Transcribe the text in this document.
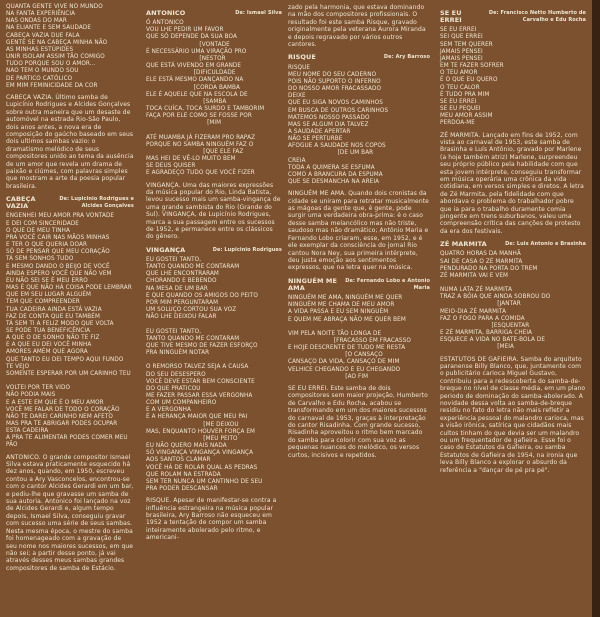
QUANTA GENTE VIVE NO MUNDO
NA FANTA EXPERIÊNCIA
NAS ONDAS DO MAR
NA ELIANTE E SEM SAUDADE
CABEÇA VAZIA DUE FALA
GENTE SE NA CABEÇA MINHA NÃO
AS MINHAS ESTÚPIDES
UNIR ISOLAM ASSIM TÃO COMIGO
TUDO PORQUE SOU O AMOR...
NAO TEM O MUNDO SOU
DE PARTICO CATÓLICO
EM MIM FEMINICIDADE DA COR
CABEÇA VAZIA. Último samba de Lupicínio Rodrigues e Alcides Gonçalves sobre outra maneira que um desaste de automóvel na estrada Rio-São Paulo, dois anos antes, a nova era de composição do gaúcho baseado em seus dois ultimos sambas vazio: o dramatismo melódico de seus compositores unido ao tema da ausência de um amor que revela um drama de paixão e ciúmes, com palavras simples que mostram a arte da poesia popular brasileira.
CABEÇA VAZIA
De: Lupicinio Rodrigues e Alcides Gonçalves
ENGENHEI MEU AMOR PRA VONTADE
E DEI COM SINCERIDADE
O QUE DE MEU TINHA
PRA VOCÊ CAIR NAS MÃOS MINHAS
E TER O QUE QUERIA DOAR
SÓ DE PENSAR QUE MEU CORAÇÃO
TÁ SEM SONHOS TUDO
E MESMO DANDO O BEIJO DE VOCÊ
AINDA ESPERO VOCÊ QUE NÃO VEM
EU NÃO SEI SE É MEU ERRO
MAS É QUE NÃO HÁ COISA PODE LEMBRAR
QUE EM SEU LUGAR ALGUÉM
TEM QUE COMPREENDER
TUA CADEIRA AINDA ESTÁ VAZIA
FAZ DE CONTA QUE EU TAMBÉM
TÁ SEM TI A FELIZ MODO QUE VOLTA
SE PODE TUA BENEFICÊNCIA
A QUE O DE SONHO NÃO TE FIZ
E A QUE EU DEI VOCÊ MINHA
AMORES AMÉM QUE AGORA
QUE TANTO EU DEI TEMPO AQUI FUNDO
TE VEJO
SOMENTE ESPERAR POR UM CARINHO TEU

VOLTEI POR TER VIDO
NÃO PODIA MAIS
E A ESTE EM QUE É O MEU AMOR
VOCÊ ME FALAR DE TODO O CORAÇÃO
NÃO TE DAREI CARINHO NEM AFETO
MAS PRA TE ABRIGAR PODES OCUPAR
ESTA CADEIRA
A PRA TE ALIMENTAR PODES COMER MEU
PÃO
ANTONICO. O grande compositor Ismael Silva estava praticamente esquecido há dez anos, quando, em 1950, escreveu contou a Ary Vasconcelos, encontrou-se com o cantor Alcides Gerardi em um bar, e pediu-lhe que gravasse um samba de sua autoria. Antonico foi lançado na voz de Alcides Gerardi e, algum tempo depois, Ismael Silva, conseguiu gravar com sucesso uma série de seus sambas. Nesta mesma época, o mestre do samba foi homenageado com a gravação de seu nome nos maiores sucessos, em que não sei; a partir desse ponto, já vai através desses meus sambas grandes compositores de samba de Estácio.
ANTONICO	De: Ismael Silva
Ó ANTONICO
VOU LHE PEDIR UM FAVOR
QUE SÓ DEPENDE DA SUA BOA
[VONTADE
É NECESSÁRIO UMA VIRAÇÃO PRO
[NESTOR
QUE ESTÁ VIVENDO EM GRANDE
[DIFICULDADE
ELE ESTÁ MESMO DANÇANDO NA
[CORDA BAMBA
ELE É AQUELE QUE NA ESCOLA DE
[SAMBA
TOCA CUÍCA, TOCA SURDO E TAMBORIM
FAÇA POR ELE COMO SE FOSSE POR
[MIM

ATÉ MUAMBA JÁ FIZERAM PRO RAPAZ
PORQUE NO SAMBA NINGUÉM FAZ O
[QUE ELE FAZ
MAS HEI DE VÊ-LO MUITO BEM
SE DEUS QUISER
E AGRADEÇO TUDO QUE VOCÊ FIZER
VINGANÇA. Uma das maiores expressões da música popular do Rio, Linda Batista, levou sucesso mais um samba-vingança de uma grande sambista do Rio (Grande do Sul). VINGANÇA, de Lupicínio Rodrigues, marca a sua passagem entre os sucessos de 1952, e permanece entre os clássicos do gênero.
VINGANÇA	De: Lupicinio Rodrigues
EU GOSTEI TANTO,
TANTO QUANDO ME CONTARAM
QUE LHE ENCONTRARAM
CHORANDO E BEBENDO
NA MESA DE UM BAR
E QUE QUANDO OS AMIGOS DO PEITO
POR MIM PERGUNTARAM
UM SOLUÇO CORTOU SUA VOZ
NÃO LHE DEIXOU FALAR

EU GOSTEI TANTO,
TANTO QUANDO ME CONTARAM
QUE TIVE MESMO DE FAZER ESFORÇO
PRA NINGUÉM NOTAR

O REMORSO TALVEZ SEJA A CAUSA
DO SEU DESESPERO
VOCÊ DEVE ESTAR BEM CONSCIENTE
DO QUE PRATICOU
ME FAZER PASSAR ESSA VERGONHA
COM UM COMPANHEIRO
E A VERGONHA
É A HERANÇA MAIOR QUE MEU PAI
[ME DEIXOU
MAS, ENQUANTO HOUVER FORÇA EM
[MEU PEITO
EU NÃO QUERO MAIS NADA
SÓ VINGANÇA VINGANÇA VINGANÇA
AOS SANTOS CLAMAR
VOCÊ HÁ DE ROLAR QUAL AS PEDRAS
QUE ROLAM NA ESTRADA
SEM TER NUNCA UM CANTINHO DE SEU
PRA PODER DESCANSAR
RISQUE. Apesar de manifestar-se contra a influência estrangeira na música popular brasileira, Ary Barroso não esqueceu em 1952 a tentação de compor um samba inteiramente abolerado pelo ritmo, e americani-
zado pela harmonia, que estava dominando na mão dos compositores profissionais. O resultado foi este samba Risque, gravado originalmente pela veterana Aurora Miranda e depois regravado por vários outros cantores.
RISQUE	De: Ary Barroso
RISQUE
MEU NOME DO SEU CADERNO
POIS NÃO SUPORTO O INFERNO
DO NOSSO AMOR FRACASSADO
DEIXE
QUE EU SIGA NOVOS CAMINHOS
EM BUSCA DE OUTROS CARINHOS
MATEMOS NOSSO PASSADO
MAS SE ALGUM DIA TALVEZ
A SAUDADE APERTAR
NÃO SE PERTURBE
AFOGUE A SAUDADE NOS COPOS
[DE UM BAR
CREIA
TODA A QUIMERA SE ESFUMA
COMO A BRANCURA DA ESPUMA
QUE SE DESMANCHA NA AREIA
NINGUÉM ME AMA. Quando dois cronistas da cidade se uniram para retratar musicalmente as mágoas da gente que, é gente, pode surgir uma verdadeira obra-prima: é o caso desse samba melancólico mas não triste, saudoso mas não dramático; Antônio Maria e Fernando Lobo criaram, esse, em 1952, e é ele exemplar da consciência do jornal Rio cantou Nora Ney, sua primeira intérprete, deu justa emoção aos sentimentos expressos, que na letra quer na música.
NINGUÉM ME AMA
De: Fernando Lobo e Antonio Maria
NINGUÉM ME AMA, NINGUÉM ME QUER
NINGUÉM ME CHAMA DE MEU AMOR
A VIDA PASSA E EU SEM NINGUÉM
E QUEM ME ABRAÇA NÃO ME QUER BEM

VIM PELA NOITE TÃO LONGA DE
[FRACASSO EM FRACASSO
E HOJE DESCRENTE DE TUDO ME RESTA
[O CANSAÇO
CANSAÇO DA VIDA, CANSAÇO DE MIM
VELHICE CHEGANDO E EU CHEGANDO
[AO FIM
SE EU ERREI. Este samba de dois compositores sem maior projeção, Humberto de Carvalho e Edu Rocha, acabou se transformando em um dos maiores sucessos do carnaval de 1953, graças à interpretação do cantor Risadinha. Com grande sucesso, Risadinha aproveitou o ritmo bem marcado do samba para colorir com sua voz as pequenas nuances do melódico, os versos curtos, incisivos e repetidos.
SE EU ERREI
De: Francisco Netto Humberto de Carvalho e Edu Rocha
SE EU ERREI
SEI QUE ERREI
SEM TEM QUERER
JAMAIS PENSEI
JAMAIS PENSEI
EM TE FAZER SOFRER
O TEU AMOR
É O QUE EU QUERO
O TEU CALOR
É TUDO PRA MIM
SE EU ERREI
SE EU PEQUEI
MEU AMOR ASSIM
PERDOA-ME
ZÉ MARMITA. Lançado em fins de 1952, com vista ao carnaval de 1953, este samba de Brasinha e Luís Antônio, gravado por Marlene (a hoje também atriz) Marlene, surpreendeu seu próprio público pela habilidade com que esta jovem intérprete, conseguiu transformar em música operária uma crônica da vida cotidiana, em versos simples e diretos. A letra de Zé Marmita, pela fidelidade com que abordava o problema do trabalhador pobre que ia para o trabalho duramente comia pingente em trens suburbanos, valeu uma compreensão crítica das canções de protesto da era dos festivais.
ZÉ MARMITA	De: Luis Antonio e Brasinha
QUATRO HORAS DA MANHÃ
SAI DE CASA O ZÉ MARMITA
PENDURADO NA PORTA DO TREM
ZÉ MARMITA VAI E VEM

NUMA LATA ZÉ MARMITA
TRAZ A BÓIA QUE AINDA SOBROU DO
[JANTAR
MEIO-DIA ZÉ MARMITA
FAZ O FOGO PARA A COMIDA
[ESQUENTAR
E ZÉ MARMITA, BARRIGA CHEIA
ESQUECE A VIDA NO BATE-BOLA DE
[MEIA
ESTATUTOS DE GAFIEIRA. Samba do arquiteto paranense Billy Blanco, que, juntamente com o publicitário carioca Miguel Gustavo, contribuiu para a redescoberta do samba-de-breque no nível de classe média, em um plano periodo de dominação do samba-abolerado. A novidade dessa volta ao samba-de-breque residiu no fato do letra não mais refletir a experiência pessoal do malandro carioca, mas a visão irônica, satírica que cidadãos mais cultos tinham do que devia ser um malandro ou um frequentador de gafieira. Esse foi o caso de Estatutos da Gafieira, ou samba Estatutos de Gafieira de 1954, na ironia que leva Billy Blanco a explorar o absurdo da referência a "dançar de pé pra pé".
